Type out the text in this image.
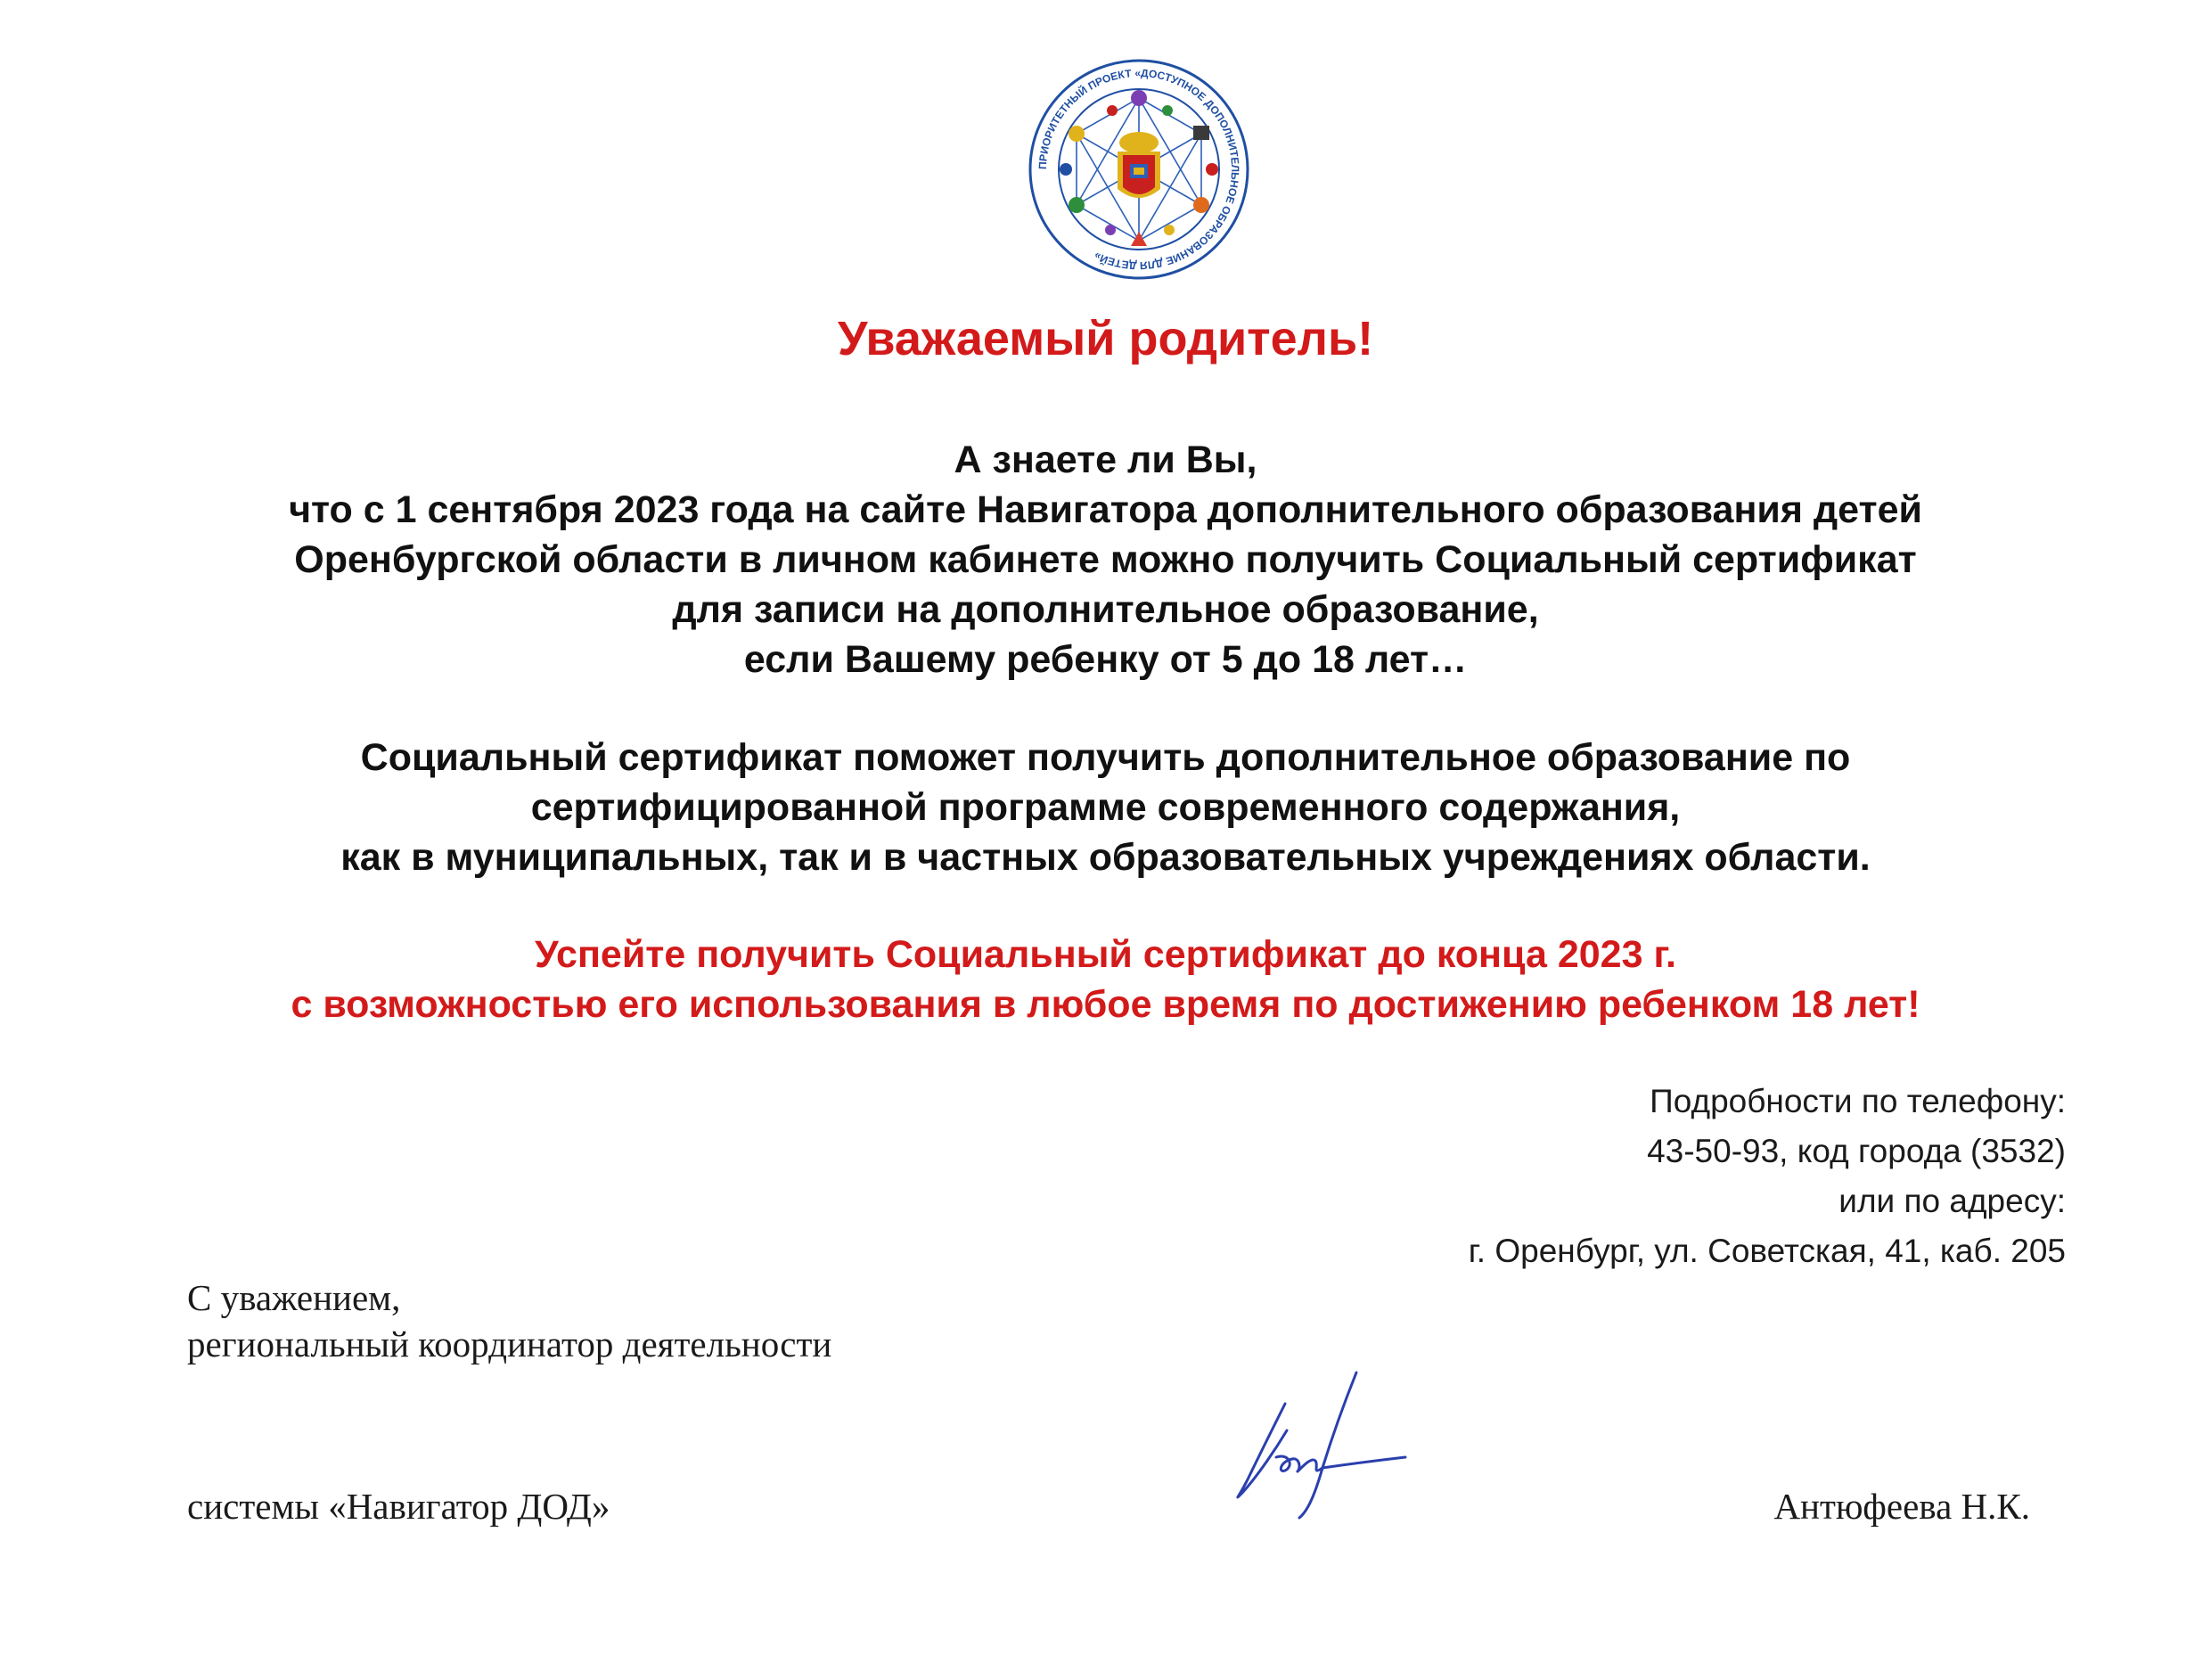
ПРИОРИТЕТНЫЙ ПРОЕКТ «ДОСТУПНОЕ ДОПОЛНИТЕЛЬНОЕ ОБРАЗОВАНИЕ ДЛЯ ДЕТЕЙ»
Уважаемый родитель!
А знаете ли Вы,
что с 1 сентября 2023 года на сайте Навигатора дополнительного образования детей
Оренбургской области в личном кабинете можно получить Социальный сертификат
для записи на дополнительное образование,
если Вашему ребенку от 5 до 18 лет…
Социальный сертификат поможет получить дополнительное образование по
сертифицированной программе современного содержания,
как в муниципальных, так и в частных образовательных учреждениях области.
Успейте получить Социальный сертификат до конца 2023 г.
с возможностью его использования в любое время по достижению ребенком 18 лет!
Подробности по телефону:
43-50-93, код города (3532)
или по адресу:
г. Оренбург, ул. Советская, 41, каб. 205
С уважением,
региональный координатор деятельности
системы «Навигатор ДОД»	Антюфеева Н.К.
